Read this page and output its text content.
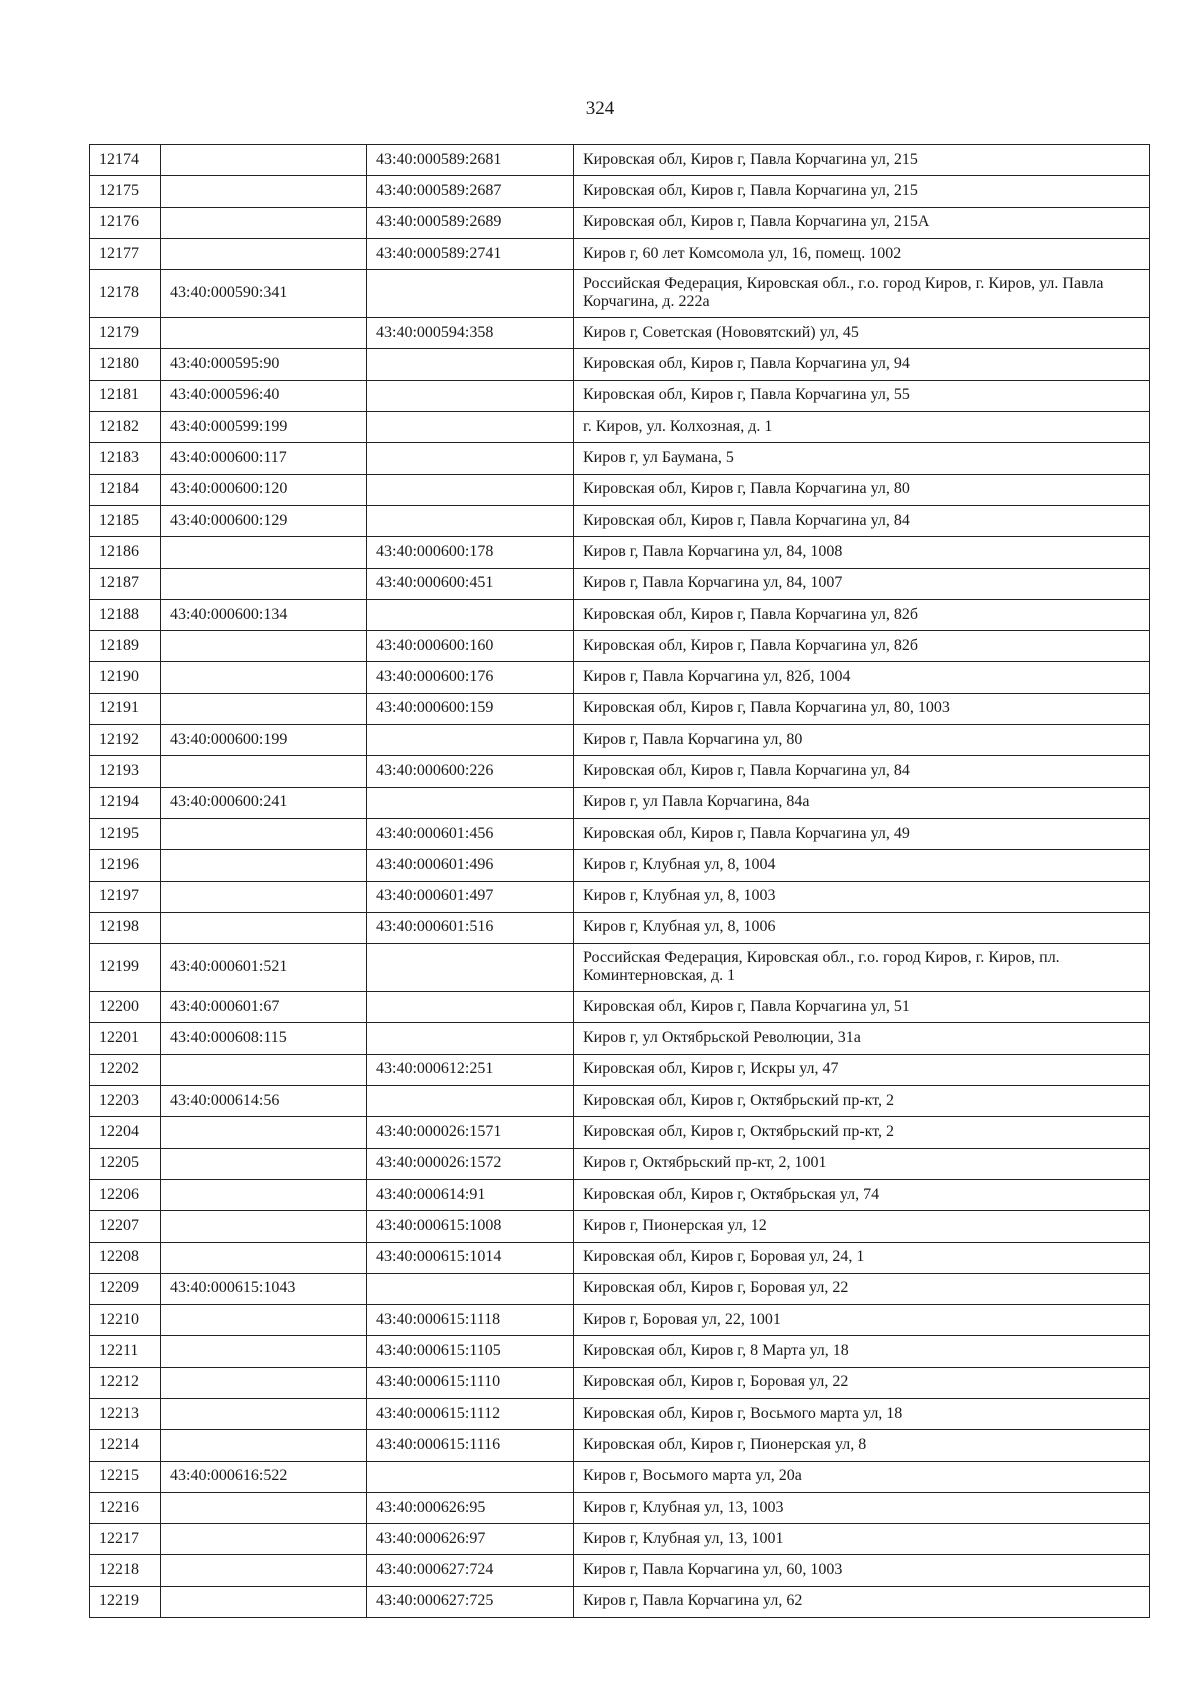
324
12174		43:40:000589:2681	Кировская обл, Киров г, Павла Корчагина ул, 215
12175		43:40:000589:2687	Кировская обл, Киров г, Павла Корчагина ул, 215
12176		43:40:000589:2689	Кировская обл, Киров г, Павла Корчагина ул, 215А
12177		43:40:000589:2741	Киров г, 60 лет Комсомола ул, 16, помещ. 1002
12178	43:40:000590:341		Российская Федерация, Кировская обл., г.о. город Киров, г. Киров, ул. Павла Корчагина, д. 222а
12179		43:40:000594:358	Киров г, Советская (Нововятский) ул, 45
12180	43:40:000595:90		Кировская обл, Киров г, Павла Корчагина ул, 94
12181	43:40:000596:40		Кировская обл, Киров г, Павла Корчагина ул, 55
12182	43:40:000599:199		г. Киров, ул. Колхозная, д. 1
12183	43:40:000600:117		Киров г, ул Баумана, 5
12184	43:40:000600:120		Кировская обл, Киров г, Павла Корчагина ул, 80
12185	43:40:000600:129		Кировская обл, Киров г, Павла Корчагина ул, 84
12186		43:40:000600:178	Киров г, Павла Корчагина ул, 84, 1008
12187		43:40:000600:451	Киров г, Павла Корчагина ул, 84, 1007
12188	43:40:000600:134		Кировская обл, Киров г, Павла Корчагина ул, 82б
12189		43:40:000600:160	Кировская обл, Киров г, Павла Корчагина ул, 82б
12190		43:40:000600:176	Киров г, Павла Корчагина ул, 82б, 1004
12191		43:40:000600:159	Кировская обл, Киров г, Павла Корчагина ул, 80, 1003
12192	43:40:000600:199		Киров г, Павла Корчагина ул, 80
12193		43:40:000600:226	Кировская обл, Киров г, Павла Корчагина ул, 84
12194	43:40:000600:241		Киров г, ул Павла Корчагина, 84а
12195		43:40:000601:456	Кировская обл, Киров г, Павла Корчагина ул, 49
12196		43:40:000601:496	Киров г, Клубная ул, 8, 1004
12197		43:40:000601:497	Киров г, Клубная ул, 8, 1003
12198		43:40:000601:516	Киров г, Клубная ул, 8, 1006
12199	43:40:000601:521		Российская Федерация, Кировская обл., г.о. город Киров, г. Киров, пл. Коминтерновская, д. 1
12200	43:40:000601:67		Кировская обл, Киров г, Павла Корчагина ул, 51
12201	43:40:000608:115		Киров г, ул Октябрьской Революции, 31а
12202		43:40:000612:251	Кировская обл, Киров г, Искры ул, 47
12203	43:40:000614:56		Кировская обл, Киров г, Октябрьский пр-кт, 2
12204		43:40:000026:1571	Кировская обл, Киров г, Октябрьский пр-кт, 2
12205		43:40:000026:1572	Киров г, Октябрьский пр-кт, 2, 1001
12206		43:40:000614:91	Кировская обл, Киров г, Октябрьская ул, 74
12207		43:40:000615:1008	Киров г, Пионерская ул, 12
12208		43:40:000615:1014	Кировская обл, Киров г, Боровая ул, 24, 1
12209	43:40:000615:1043		Кировская обл, Киров г, Боровая ул, 22
12210		43:40:000615:1118	Киров г, Боровая ул, 22, 1001
12211		43:40:000615:1105	Кировская обл, Киров г, 8 Марта ул, 18
12212		43:40:000615:1110	Кировская обл, Киров г, Боровая ул, 22
12213		43:40:000615:1112	Кировская обл, Киров г, Восьмого марта ул, 18
12214		43:40:000615:1116	Кировская обл, Киров г, Пионерская ул, 8
12215	43:40:000616:522		Киров г, Восьмого марта ул, 20а
12216		43:40:000626:95	Киров г, Клубная ул, 13, 1003
12217		43:40:000626:97	Киров г, Клубная ул, 13, 1001
12218		43:40:000627:724	Киров г, Павла Корчагина ул, 60, 1003
12219		43:40:000627:725	Киров г, Павла Корчагина ул, 62
